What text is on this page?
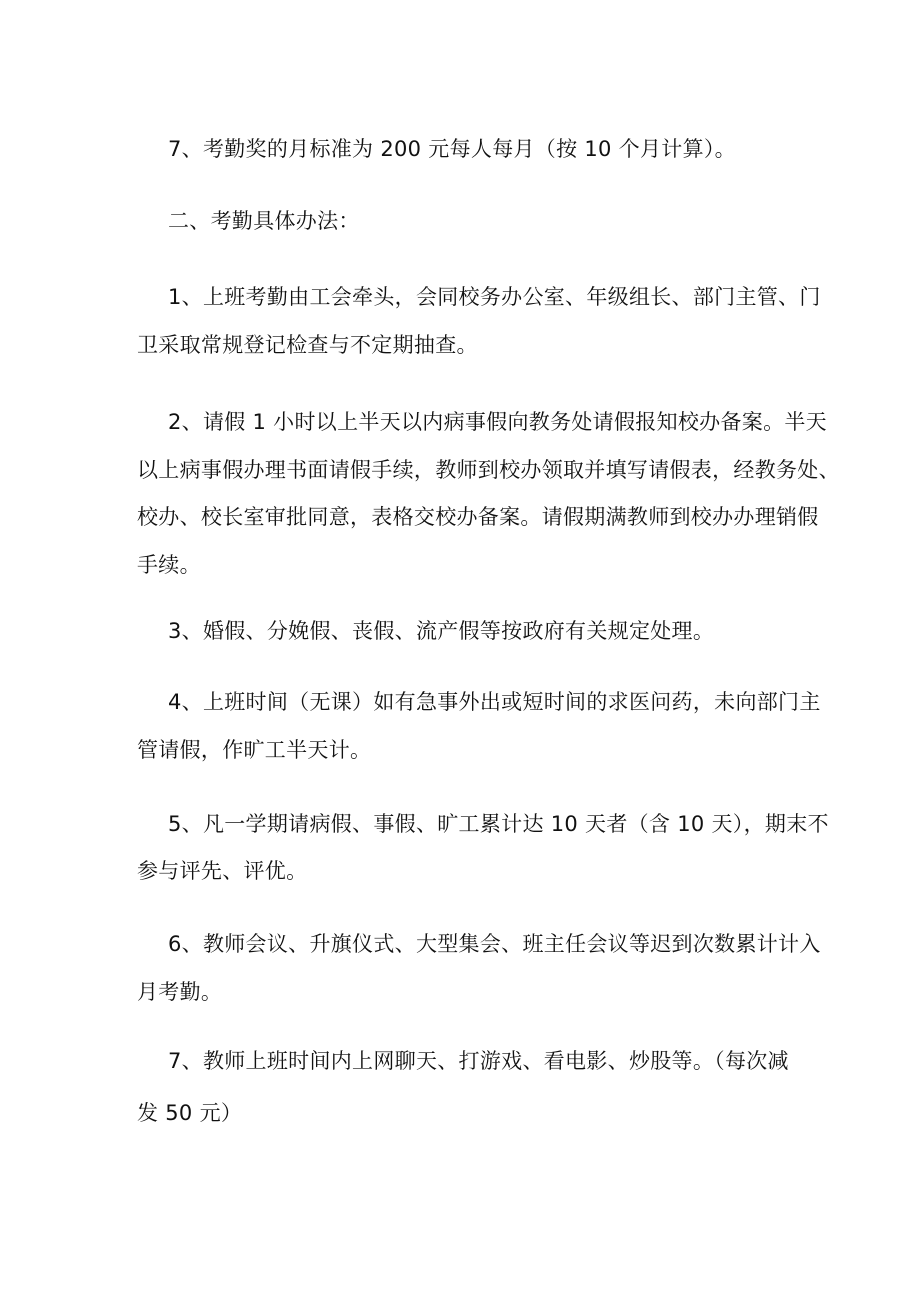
7、考勤奖的月标准为 200 元每人每月（按 10 个月计算）。
二、考勤具体办法：
1、上班考勤由工会牵头，会同校务办公室、年级组长、部门主管、门
卫采取常规登记检查与不定期抽查。
2、请假 1 小时以上半天以内病事假向教务处请假报知校办备案。半天
以上病事假办理书面请假手续，教师到校办领取并填写请假表，经教务处、
校办、校长室审批同意，表格交校办备案。请假期满教师到校办办理销假
手续。
3、婚假、分娩假、丧假、流产假等按政府有关规定处理。
4、上班时间（无课）如有急事外出或短时间的求医问药，未向部门主
管请假，作旷工半天计。
5、凡一学期请病假、事假、旷工累计达 10 天者（含 10 天），期末不
参与评先、评优。
6、教师会议、升旗仪式、大型集会、班主任会议等迟到次数累计计入
月考勤。
7、教师上班时间内上网聊天、打游戏、看电影、炒股等。（每次减
发 50 元）
